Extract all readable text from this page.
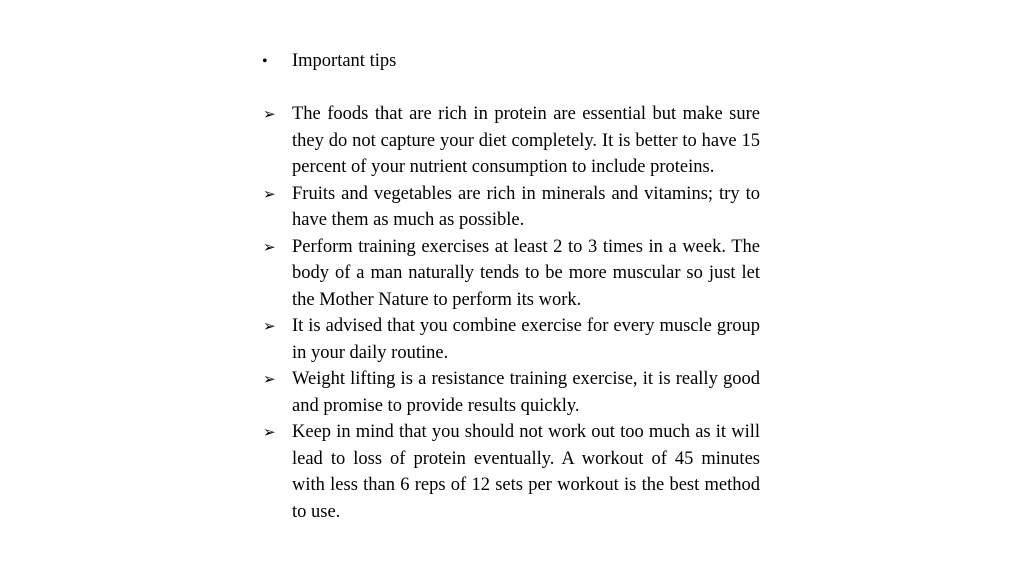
•	Important tips
➢ The foods that are rich in protein are essential but make sure they do not capture your diet completely. It is better to have 15 percent of your nutrient consumption to include proteins.
➢ Fruits and vegetables are rich in minerals and vitamins; try to have them as much as possible.
➢ Perform training exercises at least 2 to 3 times in a week. The body of a man naturally tends to be more muscular so just let the Mother Nature to perform its work.
➢ It is advised that you combine exercise for every muscle group in your daily routine.
➢ Weight lifting is a resistance training exercise, it is really good and promise to provide results quickly.
➢ Keep in mind that you should not work out too much as it will lead to loss of protein eventually. A workout of 45 minutes with less than 6 reps of 12 sets per workout is the best method to use.
